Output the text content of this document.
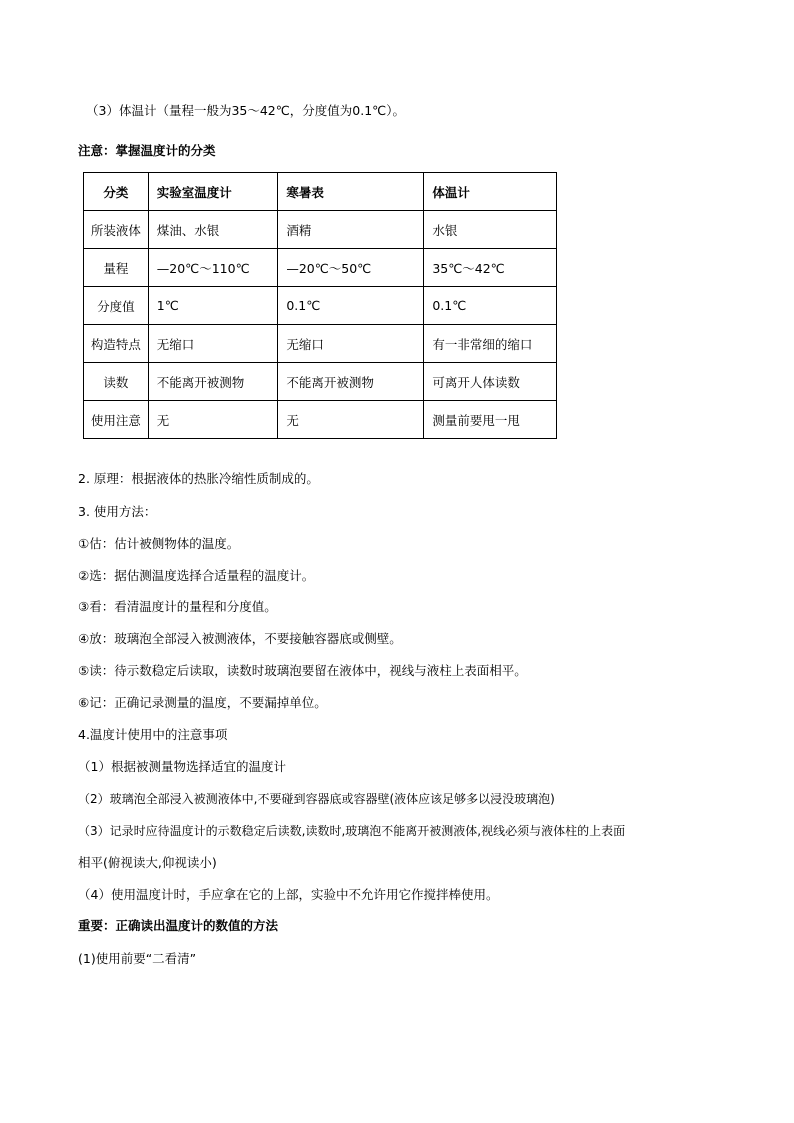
（3）体温计（量程一般为35～42℃，分度值为0.1℃）。
注意：掌握温度计的分类
分类	实验室温度计	寒暑表	体温计
所装液体	煤油、水银	酒精	水银
量程	—20℃～110℃	—20℃～50℃	35℃～42℃
分度值	1℃	0.1℃	0.1℃
构造特点	无缩口	无缩口	有一非常细的缩口
读数	不能离开被测物	不能离开被测物	可离开人体读数
使用注意	无	无	测量前要甩一甩
2. 原理：根据液体的热胀冷缩性质制成的。
3. 使用方法：
①估：估计被侧物体的温度。
②选：据估测温度选择合适量程的温度计。
③看：看清温度计的量程和分度值。
④放：玻璃泡全部浸入被测液体，不要接触容器底或侧壁。
⑤读：待示数稳定后读取，读数时玻璃泡要留在液体中，视线与液柱上表面相平。
⑥记：正确记录测量的温度，不要漏掉单位。
4.温度计使用中的注意事项
（1）根据被测量物选择适宜的温度计
（2）玻璃泡全部浸入被测液体中,不要碰到容器底或容器壁(液体应该足够多以浸没玻璃泡)
（3）记录时应待温度计的示数稳定后读数,读数时,玻璃泡不能离开被测液体,视线必须与液体柱的上表面
相平(俯视读大,仰视读小)
（4）使用温度计时，手应拿在它的上部，实验中不允许用它作搅拌棒使用。
重要：正确读出温度计的数值的方法
(1)使用前要“二看清”
